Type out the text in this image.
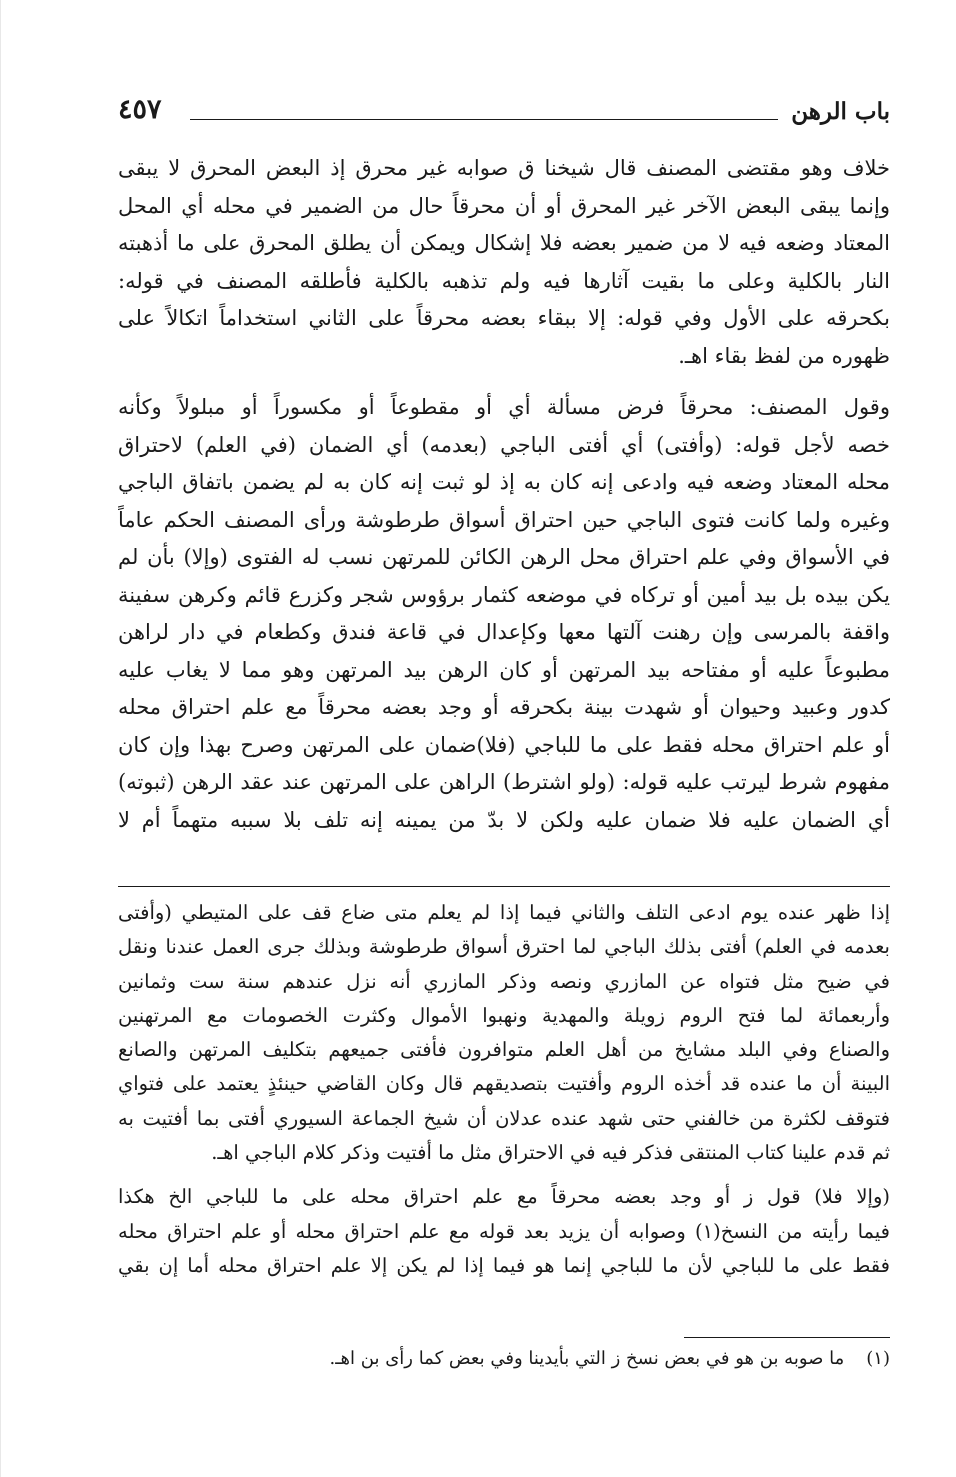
باب الرهن
٤٥٧
خلاف وهو مقتضى المصنف قال شيخنا ق صوابه غير محرق إذ البعض المحرق لا يبقى
وإنما يبقى البعض الآخر غير المحرق أو أن محرقاً حال من الضمير في محله أي المحل
المعتاد وضعه فيه لا من ضمير بعضه فلا إشكال ويمكن أن يطلق المحرق على ما أذهبته
النار بالكلية وعلى ما بقيت آثارها فيه ولم تذهبه بالكلية فأطلقه المصنف في قوله:
بكحرقه على الأول وفي قوله: إلا ببقاء بعضه محرقاً على الثاني استخداماً اتكالاً على
ظهوره من لفظ بقاء اهـ.
وقول المصنف: محرقاً فرض مسألة أي أو مقطوعاً أو مكسوراً أو مبلولاً وكأنه
خصه لأجل قوله: (وأفتى) أي أفتى الباجي (بعدمه) أي الضمان (في العلم) لاحتراق
محله المعتاد وضعه فيه وادعى إنه كان به إذ لو ثبت إنه كان به لم يضمن باتفاق الباجي
وغيره ولما كانت فتوى الباجي حين احتراق أسواق طرطوشة ورأى المصنف الحكم عاماً
في الأسواق وفي علم احتراق محل الرهن الكائن للمرتهن نسب له الفتوى (وإلا) بأن لم
يكن بيده بل بيد أمين أو تركاه في موضعه كثمار برؤوس شجر وكزرع قائم وكرهن سفينة
واقفة بالمرسى وإن رهنت آلتها معها وكإعدال في قاعة فندق وكطعام في دار لراهن
مطبوعاً عليه أو مفتاحه بيد المرتهن أو كان الرهن بيد المرتهن وهو مما لا يغاب عليه
كدور وعبيد وحيوان أو شهدت بينة بكحرقه أو وجد بعضه محرقاً مع علم احتراق محله
أو علم احتراق محله فقط على ما للباجي (فلا)ضمان على المرتهن وصرح بهذا وإن كان
مفهوم شرط ليرتب عليه قوله: (ولو اشترط) الراهن على المرتهن عند عقد الرهن (ثبوته)
أي الضمان عليه فلا ضمان عليه ولكن لا بدّ من يمينه إنه تلف بلا سببه متهماً أم لا
إذا ظهر عنده يوم ادعى التلف والثاني فيما إذا لم يعلم متى ضاع قف على المتيطي (وأفتى
بعدمه في العلم) أفتى بذلك الباجي لما احترق أسواق طرطوشة وبذلك جرى العمل عندنا ونقل
في ضيح مثل فتواه عن المازري ونصه وذكر المازري أنه نزل عندهم سنة ست وثمانين
وأربعمائة لما فتح الروم زويلة والمهدية ونهبوا الأموال وكثرت الخصومات مع المرتهنين
والصناع وفي البلد مشايخ من أهل العلم متوافرون فأفتى جميعهم بتكليف المرتهن والصانع
البينة أن ما عنده قد أخذه الروم وأفتيت بتصديقهم قال وكان القاضي حينئذٍ يعتمد على فتواي
فتوقف لكثرة من خالفني حتى شهد عنده عدلان أن شيخ الجماعة السيوري أفتى بما أفتيت به
ثم قدم علينا كتاب المنتقى فذكر فيه في الاحتراق مثل ما أفتيت وذكر كلام الباجي اهـ.
(وإلا فلا) قول ز أو وجد بعضه محرقاً مع علم احتراق محله على ما للباجي الخ هكذا
فيما رأيته من النسخ(١) وصوابه أن يزيد بعد قوله مع علم احتراق محله أو علم احتراق محله
فقط على ما للباجي لأن ما للباجي إنما هو فيما إذا لم يكن إلا علم احتراق محله أما إن بقي
(١)ما صوبه بن هو في بعض نسخ ز التي بأيدينا وفي بعض كما رأى بن اهـ.
